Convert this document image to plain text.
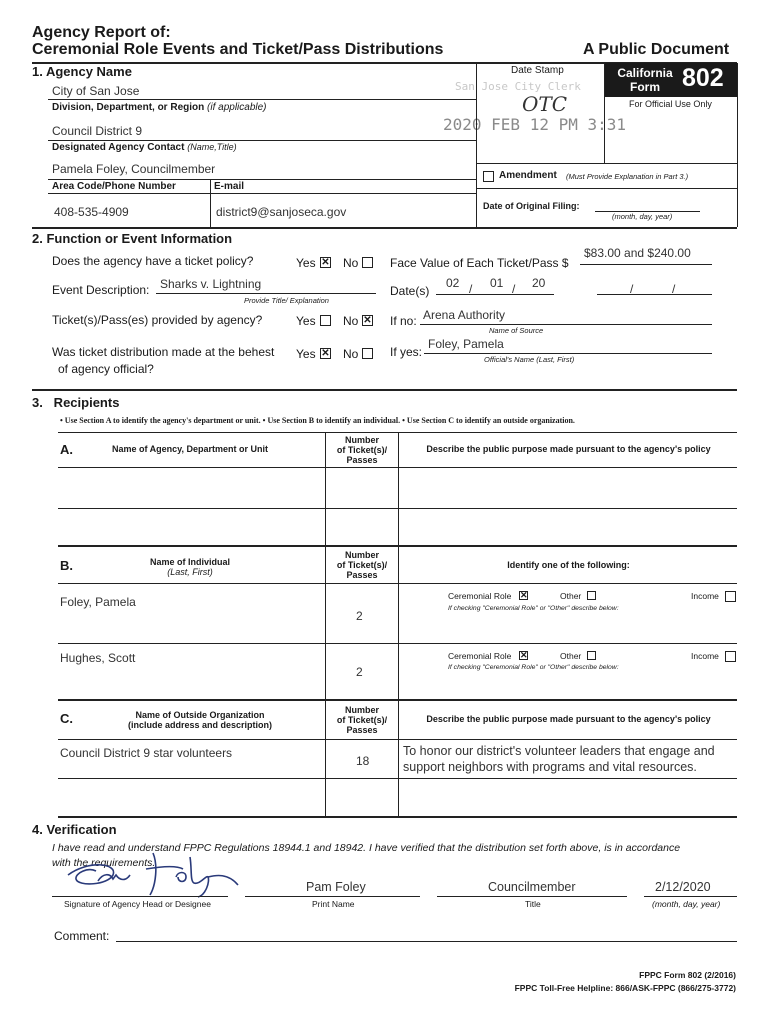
Agency Report of:
Ceremonial Role Events and Ticket/Pass Distributions	A Public Document
California Form 802
For Official Use Only
Date Stamp
San Jose City Clerk
OTC
2020 FEB 12 PM 3:31
1. Agency Name
City of San Jose
Division, Department, or Region (if applicable)
Council District 9
Designated Agency Contact (Name,Title)
Pamela Foley, Councilmember
Area Code/Phone Number	E-mail
408-535-4909	district9@sanjoseca.gov
Amendment (Must Provide Explanation in Part 3.)
Date of Original Filing:
(month, day, year)
2. Function or Event Information
Does the agency have a ticket policy?	Yes ✕ No	Face Value of Each Ticket/Pass $
$83.00 and $240.00
Event Description: Sharks v. Lightning
Provide Title/ Explanation
Date(s)
02 / 01 / 20	/	/
Ticket(s)/Pass(es) provided by agency?	Yes No ✕ If no: Arena Authority
Name of Source
Was ticket distribution made at the behest
of agency official?
Yes ✕ No	If yes:
Foley, Pamela
Official's Name (Last, First)
3.   Recipients
• Use Section A to identify the agency's department or unit. • Use Section B to identify an individual. • Use Section C to identify an outside organization.
A.	Name of Agency, Department or Unit
Number
of Ticket(s)/
Passes
Describe the public purpose made pursuant to the agency's policy
B.	Name of Individual
(Last, First)
Number
of Ticket(s)/
Passes
Identify one of the following:
Foley, Pamela
2
Ceremonial Role ✕	Other	Income
If checking "Ceremonial Role" or "Other" describe below:
Hughes, Scott
2
Ceremonial Role ✕	Other	Income
If checking "Ceremonial Role" or "Other" describe below:
C.	Name of Outside Organization
(include address and description)
Number
of Ticket(s)/
Passes
Describe the public purpose made pursuant to the agency's policy
Council District 9 star volunteers
18
To honor our district's volunteer leaders that engage and
support neighbors with programs and vital resources.
4. Verification
I have read and understand FPPC Regulations 18944.1 and 18942. I have verified that the distribution set forth above, is in accordance
with the requirements.
Pam Foley	Councilmember	2/12/2020
Signature of Agency Head or Designee	Print Name	Title	(month, day, year)
Comment:
FPPC Form 802 (2/2016)
FPPC Toll-Free Helpline: 866/ASK-FPPC (866/275-3772)
